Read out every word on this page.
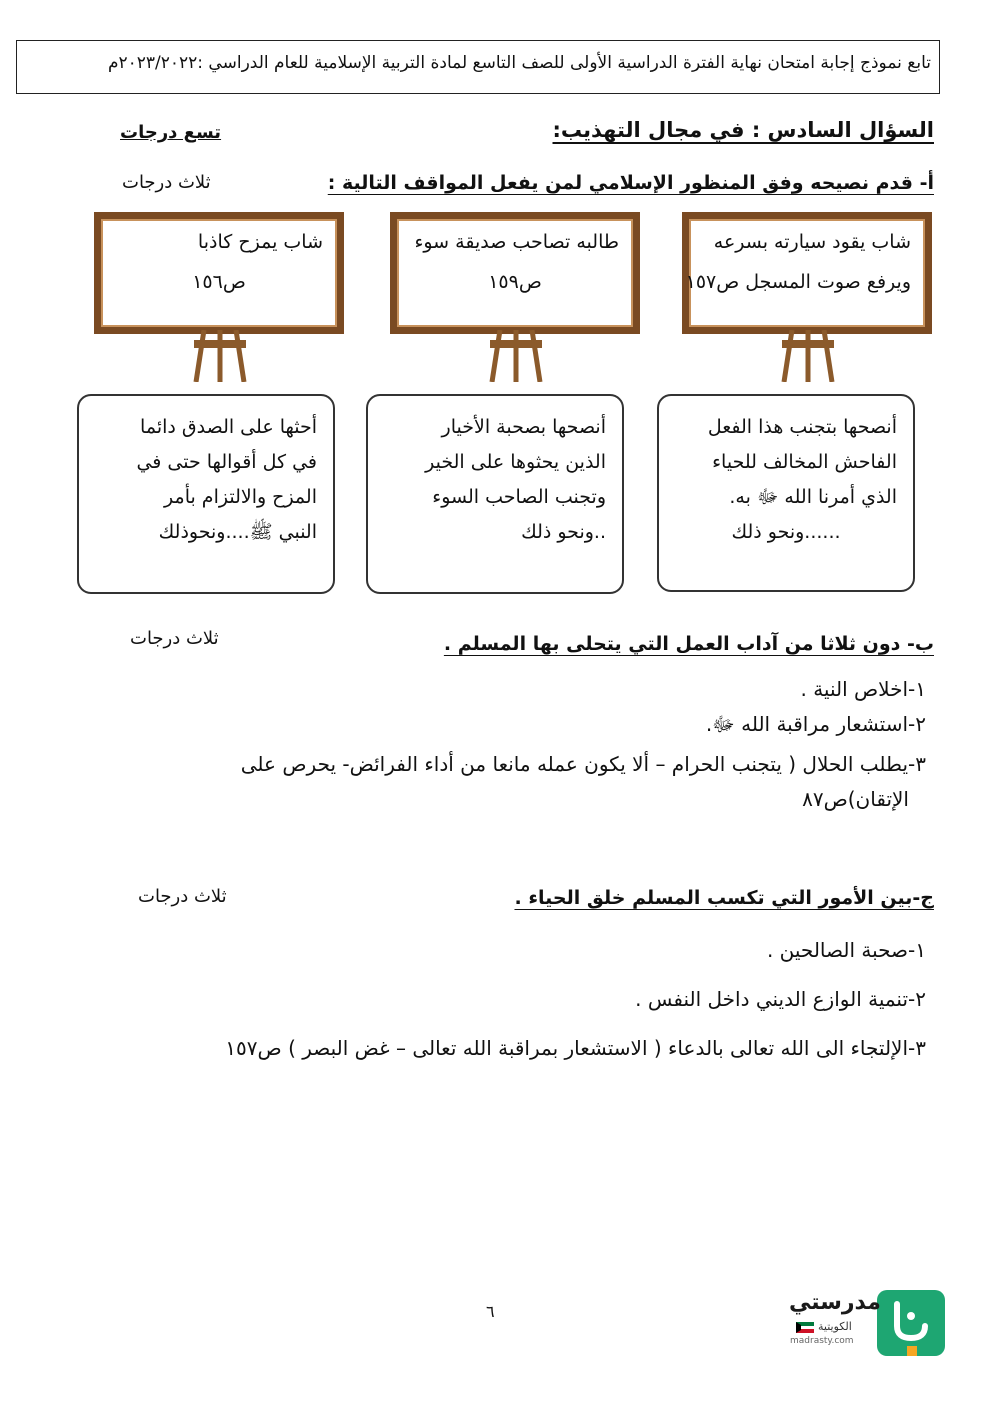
تابع نموذج إجابة امتحان نهاية الفترة الدراسية الأولى للصف التاسع لمادة التربية الإسلامية للعام الدراسي :٢٠٢٣/٢٠٢٢م
السؤال السادس : في مجال التهذيب:
تسع درجات
أ- قدم نصيحه وفق المنظور الإسلامي لمن يفعل المواقف التالية :
ثلاث درجات
شاب يقود سيارته بسرعه
ويرفع صوت المسجل ص١٥٧
طالبه تصاحب صديقة سوء
ص١٥٩
شاب يمزح كاذبا
ص١٥٦

أنصحها بتجنب هذا الفعل

الفاحش المخالف للحياء

الذي أمرنا الله ﷻ به.

......ونحو ذلك

أنصحها بصحبة الأخيار

الذين يحثوها على الخير

وتجنب الصاحب السوء

..ونحو ذلك

أحثها على الصدق دائما

في كل أقوالها حتى في

المزح والالتزام بأمر

النبي ﷺ....ونحوذلك

ب- دون ثلاثا من آداب العمل التي يتحلى بها المسلم .
ثلاث درجات
١-اخلاص النية .
٢-استشعار مراقبة الله ﷻ.
٣-يطلب الحلال ( يتجنب الحرام – ألا يكون عمله مانعا من أداء الفرائض- يحرص على
الإتقان)ص٨٧
ج-بين الأمور التي تكسب المسلم خلق الحياء .
ثلاث درجات
١-صحبة الصالحين .
٢-تنمية الوازع الديني داخل النفس .
٣-الإلتجاء الى الله تعالى بالدعاء ( الاستشعار بمراقبة الله تعالى – غض البصر ) ص١٥٧
٦	مدرستي
الكويتية
madrasty.com
